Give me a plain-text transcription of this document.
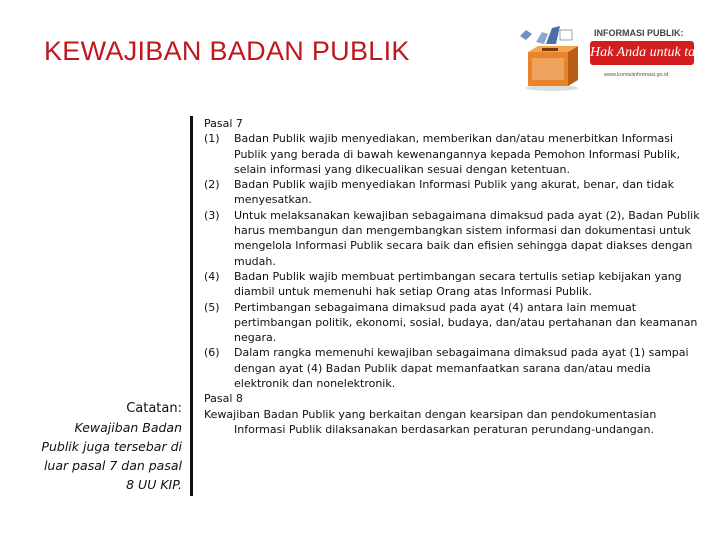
KEWAJIBAN BADAN PUBLIK
INFORMASI PUBLIK:
Hak Anda untuk tahu!
www.komisiinformasi.go.id
Catatan:
Kewajiban Badan Publik juga tersebar di luar pasal 7 dan pasal 8 UU KIP.
Pasal 7
(1)	Badan Publik wajib menyediakan, memberikan dan/atau menerbitkan Informasi Publik yang berada di bawah kewenangannya kepada Pemohon Informasi Publik, selain informasi yang dikecualikan sesuai dengan ketentuan.
(2)	Badan Publik wajib menyediakan Informasi Publik yang akurat, benar, dan tidak menyesatkan.
(3)	Untuk melaksanakan kewajiban sebagaimana dimaksud pada ayat (2), Badan Publik harus membangun dan mengembangkan sistem informasi dan dokumentasi untuk mengelola Informasi Publik secara baik dan efisien sehingga dapat diakses dengan mudah.
(4)	Badan Publik wajib membuat pertimbangan secara tertulis setiap kebijakan yang diambil untuk memenuhi hak setiap Orang atas Informasi Publik.
(5)	Pertimbangan sebagaimana dimaksud pada ayat (4) antara lain memuat pertimbangan politik, ekonomi, sosial, budaya, dan/atau pertahanan dan keamanan negara.
(6)	Dalam rangka memenuhi kewajiban sebagaimana dimaksud pada ayat (1) sampai dengan ayat (4) Badan Publik dapat memanfaatkan sarana dan/atau media elektronik dan nonelektronik.
Pasal 8
Kewajiban Badan Publik yang berkaitan dengan kearsipan dan pendokumentasian Informasi Publik dilaksanakan berdasarkan peraturan perundang-undangan.
